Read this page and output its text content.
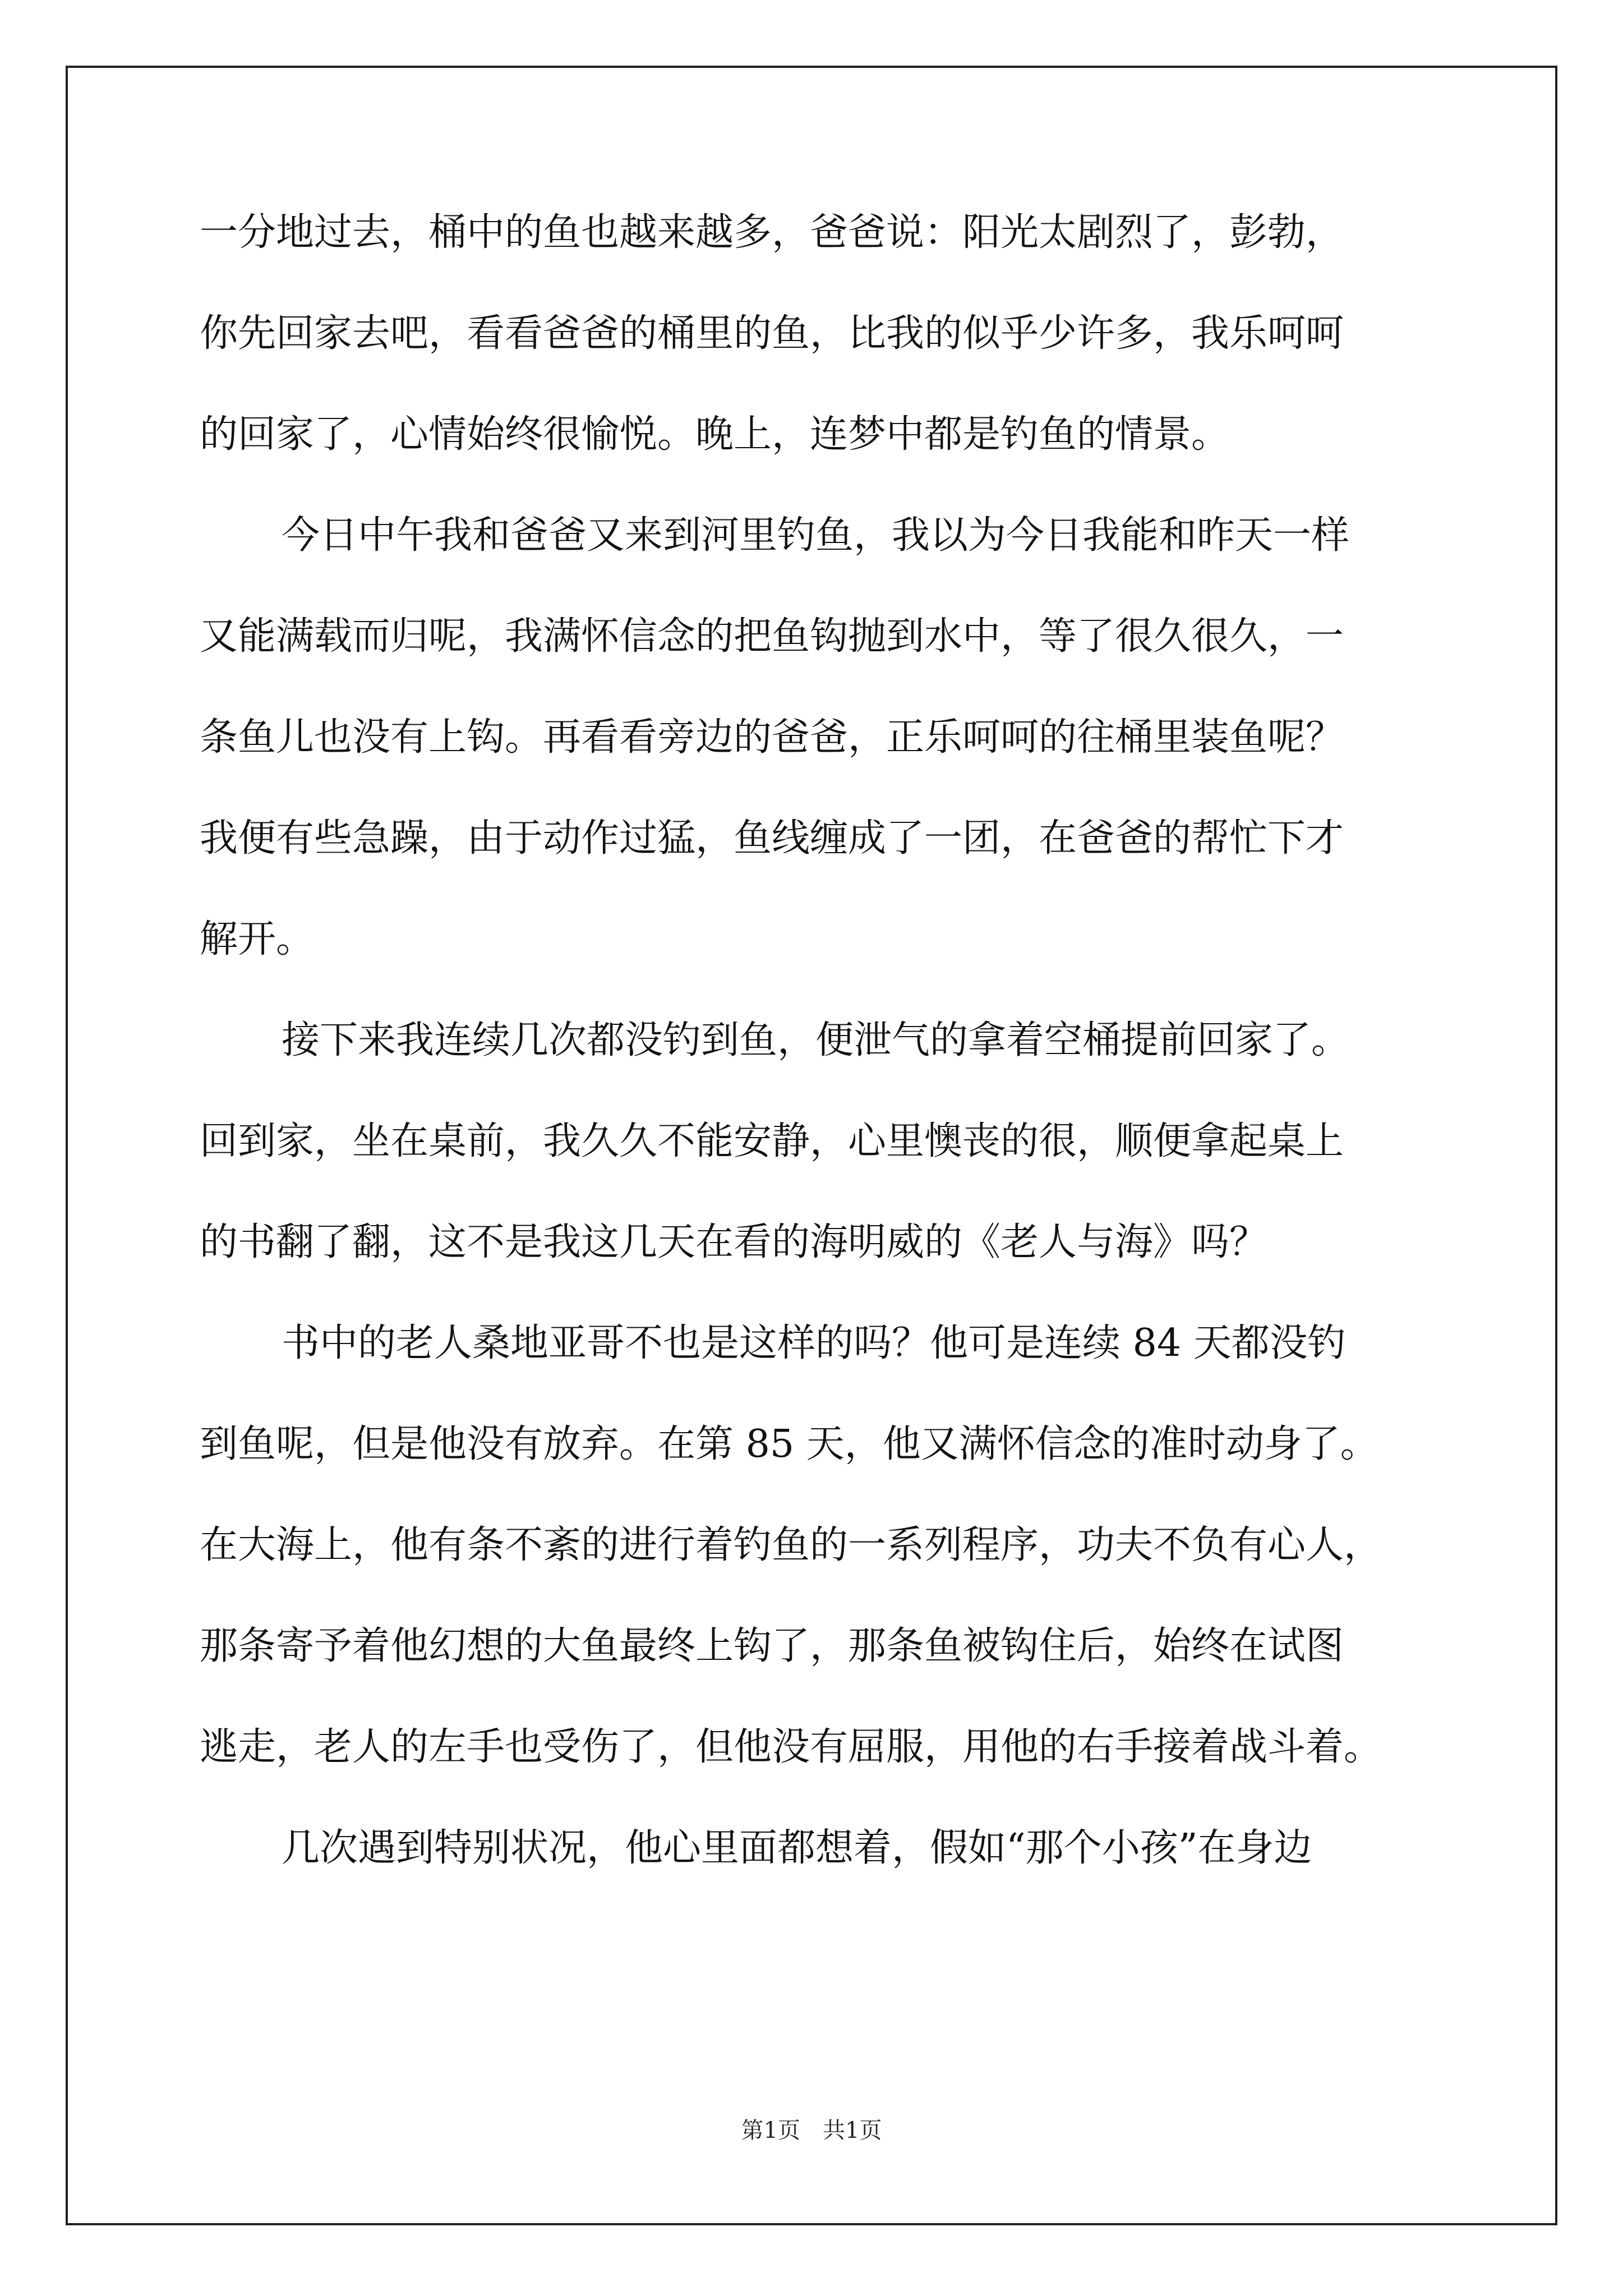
一分地过去，桶中的鱼也越来越多，爸爸说：阳光太剧烈了，彭勃，
你先回家去吧，看看爸爸的桶里的鱼，比我的似乎少许多，我乐呵呵
的回家了，心情始终很愉悦。晚上，连梦中都是钓鱼的情景。
今日中午我和爸爸又来到河里钓鱼，我以为今日我能和昨天一样
又能满载而归呢，我满怀信念的把鱼钩抛到水中，等了很久很久，一
条鱼儿也没有上钩。再看看旁边的爸爸，正乐呵呵的往桶里装鱼呢？
我便有些急躁，由于动作过猛，鱼线缠成了一团，在爸爸的帮忙下才
解开。
接下来我连续几次都没钓到鱼，便泄气的拿着空桶提前回家了。
回到家，坐在桌前，我久久不能安静，心里懊丧的很，顺便拿起桌上
的书翻了翻，这不是我这几天在看的海明威的《老人与海》吗？
书中的老人桑地亚哥不也是这样的吗？他可是连续 84 天都没钓
到鱼呢，但是他没有放弃。在第 85 天，他又满怀信念的准时动身了。
在大海上，他有条不紊的进行着钓鱼的一系列程序，功夫不负有心人，
那条寄予着他幻想的大鱼最终上钩了，那条鱼被钩住后，始终在试图
逃走，老人的左手也受伤了，但他没有屈服，用他的右手接着战斗着。
几次遇到特别状况，他心里面都想着，假如“那个小孩”在身边
第1页　共1页
